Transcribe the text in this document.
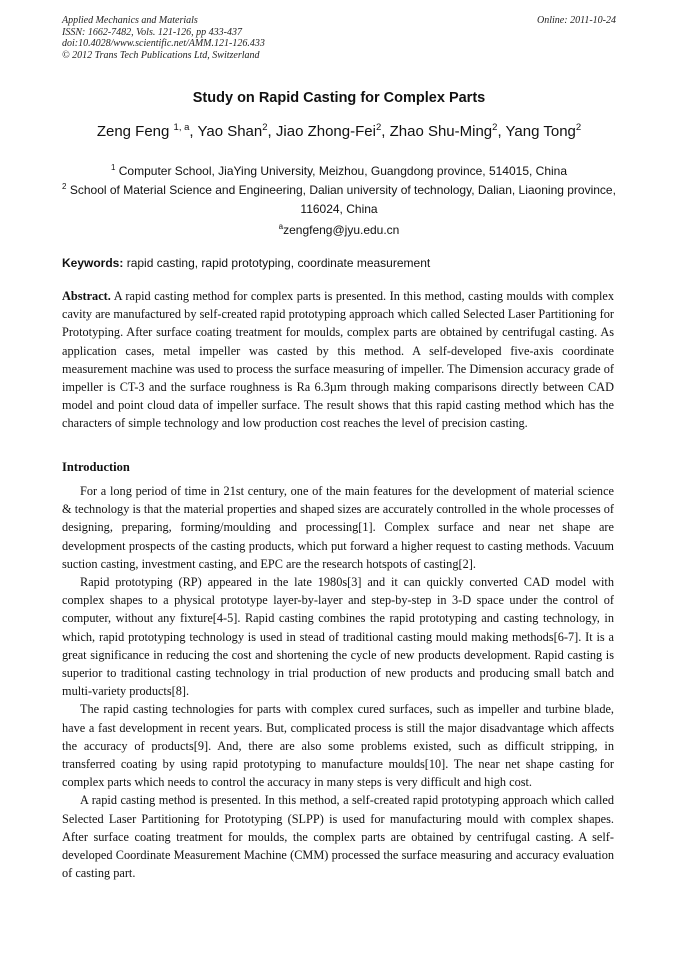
Applied Mechanics and Materials
ISSN: 1662-7482, Vols. 121-126, pp 433-437
doi:10.4028/www.scientific.net/AMM.121-126.433
© 2012 Trans Tech Publications Ltd, Switzerland
Online: 2011-10-24
Study on Rapid Casting for Complex Parts
Zeng Feng $^{1, a}$, Yao Shan$^2$, Jiao Zhong-Fei$^2$, Zhao Shu-Ming$^2$, Yang Tong$^2$
$^1$ Computer School, JiaYing University, Meizhou, Guangdong province, 514015, China
$^2$ School of Material Science and Engineering, Dalian university of technology, Dalian, Liaoning province, 116024, China
$^a$zengfeng@jyu.edu.cn
Keywords: rapid casting, rapid prototyping, coordinate measurement

Abstract. A rapid casting method for complex parts is presented. In this method, casting moulds with complex cavity are manufactured by self-created rapid prototyping approach which called Selected Laser Partitioning for Prototyping. After surface coating treatment for moulds, complex parts are obtained by centrifugal casting. As application cases, metal impeller was casted by this method. A self-developed five-axis coordinate measurement machine was used to process the surface measuring of impeller. The Dimension accuracy grade of impeller is CT-3 and the surface roughness is Ra 6.3µm through making comparisons directly between CAD model and point cloud data of impeller surface. The result shows that this rapid casting method which has the characters of simple technology and low production cost reaches the level of precision casting.

Introduction

For a long period of time in 21st century, one of the main features for the development of material science & technology is that the material properties and shaped sizes are accurately controlled in the whole processes of designing, preparing, forming/moulding and processing[1]. Complex surface and near net shape are development prospects of the casting products, which put forward a higher request to casting methods. Vacuum suction casting, investment casting, and EPC are the research hotspots of casting[2].

Rapid prototyping (RP) appeared in the late 1980s[3] and it can quickly converted CAD model with complex shapes to a physical prototype layer-by-layer and step-by-step in 3-D space under the control of computer, without any fixture[4-5]. Rapid casting combines the rapid prototyping and casting technology, in which, rapid prototyping technology is used in stead of traditional casting mould making methods[6-7]. It is a great significance in reducing the cost and shortening the cycle of new products development. Rapid casting is superior to traditional casting technology in trial production of new products and producing small batch and multi-variety products[8].

The rapid casting technologies for parts with complex cured surfaces, such as impeller and turbine blade, have a fast development in recent years. But, complicated process is still the major disadvantage which affects the accuracy of products[9]. And, there are also some problems existed, such as difficult stripping, in transferred coating by using rapid prototyping to manufacture moulds[10]. The near net shape casting for complex parts which needs to control the accuracy in many steps is very difficult and high cost.

A rapid casting method is presented. In this method, a self-created rapid prototyping approach which called Selected Laser Partitioning for Prototyping (SLPP) is used for manufacturing mould with complex shapes. After surface coating treatment for moulds, the complex parts are obtained by centrifugal casting. A self-developed Coordinate Measurement Machine (CMM) processed the surface measuring and accuracy evaluation of casting part.
